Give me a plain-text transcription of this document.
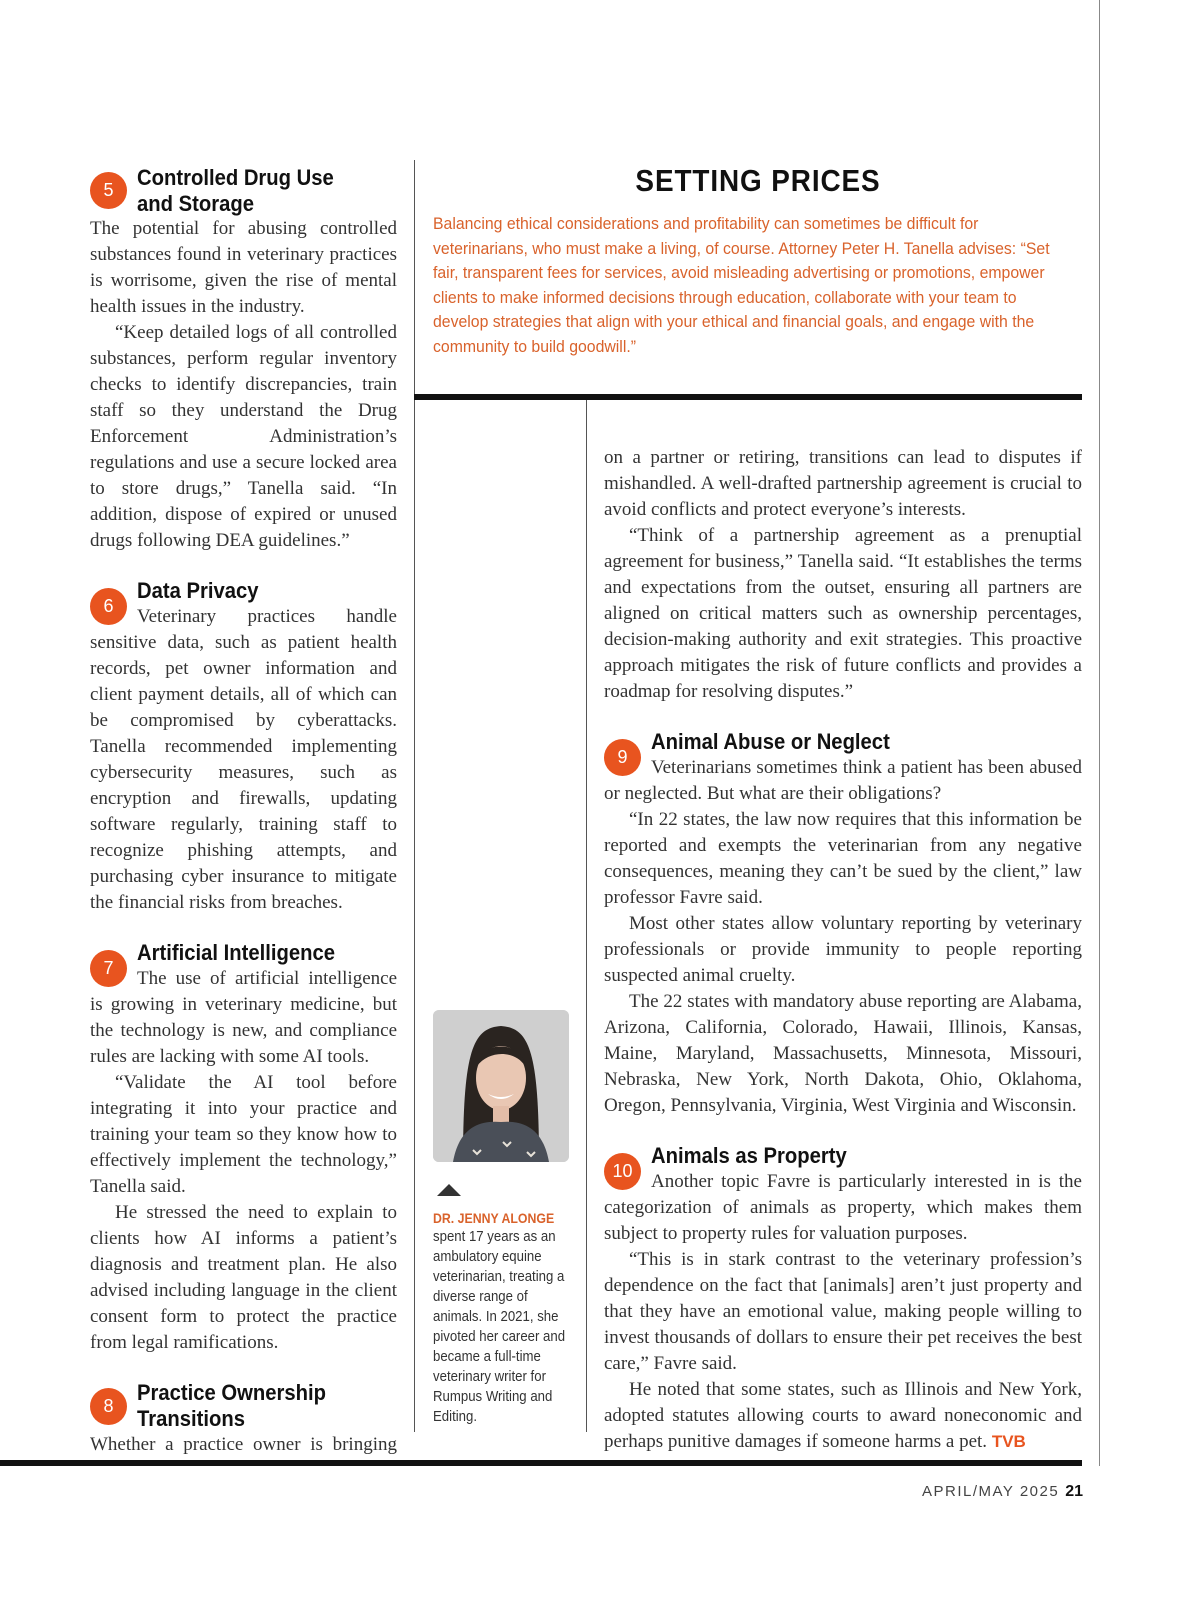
5	Controlled Drug Use

and Storage

The potential for abusing controlled substances found in veterinary practices is worrisome, given the rise of mental health issues in the industry.

“Keep detailed logs of all controlled substances, perform regular inventory checks to identify discrepancies, train staff so they understand the Drug Enforcement Administration’s regulations and use a secure locked area to store drugs,” Tanella said. “In addition, dispose of expired or unused drugs following DEA guidelines.”

6

Data Privacy

Veterinary practices handle sensitive data, such as patient health records, pet owner information and client payment details, all of which can be compromised by cyberattacks. Tanella recommended implementing cybersecurity measures, such as encryption and firewalls, updating software regularly, training staff to recognize phishing attempts, and purchasing cyber insurance to mitigate the financial risks from breaches.

7

Artificial Intelligence

The use of artificial intelligence is growing in veterinary medicine, but the technology is new, and compliance rules are lacking with some AI tools.

“Validate the AI tool before integrating it into your practice and training your team so they know how to effectively implement the technology,” Tanella said.

He stressed the need to explain to clients how AI informs a patient’s diagnosis and treatment plan. He also advised including language in the client consent form to protect the practice from legal ramifications.

8

Practice Ownership

Transitions

Whether a practice owner is bringing

SETTING PRICES

Balancing ethical considerations and profitability can sometimes be difficult for veterinarians, who must make a living, of course. Attorney Peter H. Tanella advises: “Set fair, transparent fees for services, avoid misleading advertising or promotions, empower clients to make informed decisions through education, collaborate with your team to develop strategies that align with your ethical and financial goals, and engage with the community to build goodwill.”

DR. JENNY ALONGE

spent 17 years as an ambulatory equine veterinarian, treating a diverse range of animals. In 2021, she pivoted her career and became a full-time veterinary writer for Rumpus Writing and Editing.

on a partner or retiring, transitions can lead to disputes if mishandled. A well-drafted partnership agreement is crucial to avoid conflicts and protect everyone’s interests.

“Think of a partnership agreement as a prenuptial agreement for business,” Tanella said. “It establishes the terms and expectations from the outset, ensuring all partners are aligned on critical matters such as ownership percentages, decision-making authority and exit strategies. This proactive approach mitigates the risk of future conflicts and provides a roadmap for resolving disputes.”

9

Animal Abuse or Neglect

Veterinarians sometimes think a patient has been abused or neglected. But what are their obligations?

“In 22 states, the law now requires that this information be reported and exempts the veterinarian from any negative consequences, meaning they can’t be sued by the client,” law professor Favre said.

Most other states allow voluntary reporting by veterinary professionals or provide immunity to people reporting suspected animal cruelty.

The 22 states with mandatory abuse reporting are Alabama, Arizona, California, Colorado, Hawaii, Illinois, Kansas, Maine, Maryland, Massachusetts, Minnesota, Missouri, Nebraska, New York, North Dakota, Ohio, Oklahoma, Oregon, Pennsylvania, Virginia, West Virginia and Wisconsin.

10

Animals as Property

Another topic Favre is particularly interested in is the categorization of animals as property, which makes them subject to property rules for valuation purposes.

“This is in stark contrast to the veterinary profession’s dependence on the fact that [animals] aren’t just property and that they have an emotional value, making people willing to invest thousands of dollars to ensure their pet receives the best care,” Favre said.

He noted that some states, such as Illinois and New York, adopted statutes allowing courts to award noneconomic and perhaps punitive damages if someone harms a pet. TVB

APRIL/MAY 2025 21
